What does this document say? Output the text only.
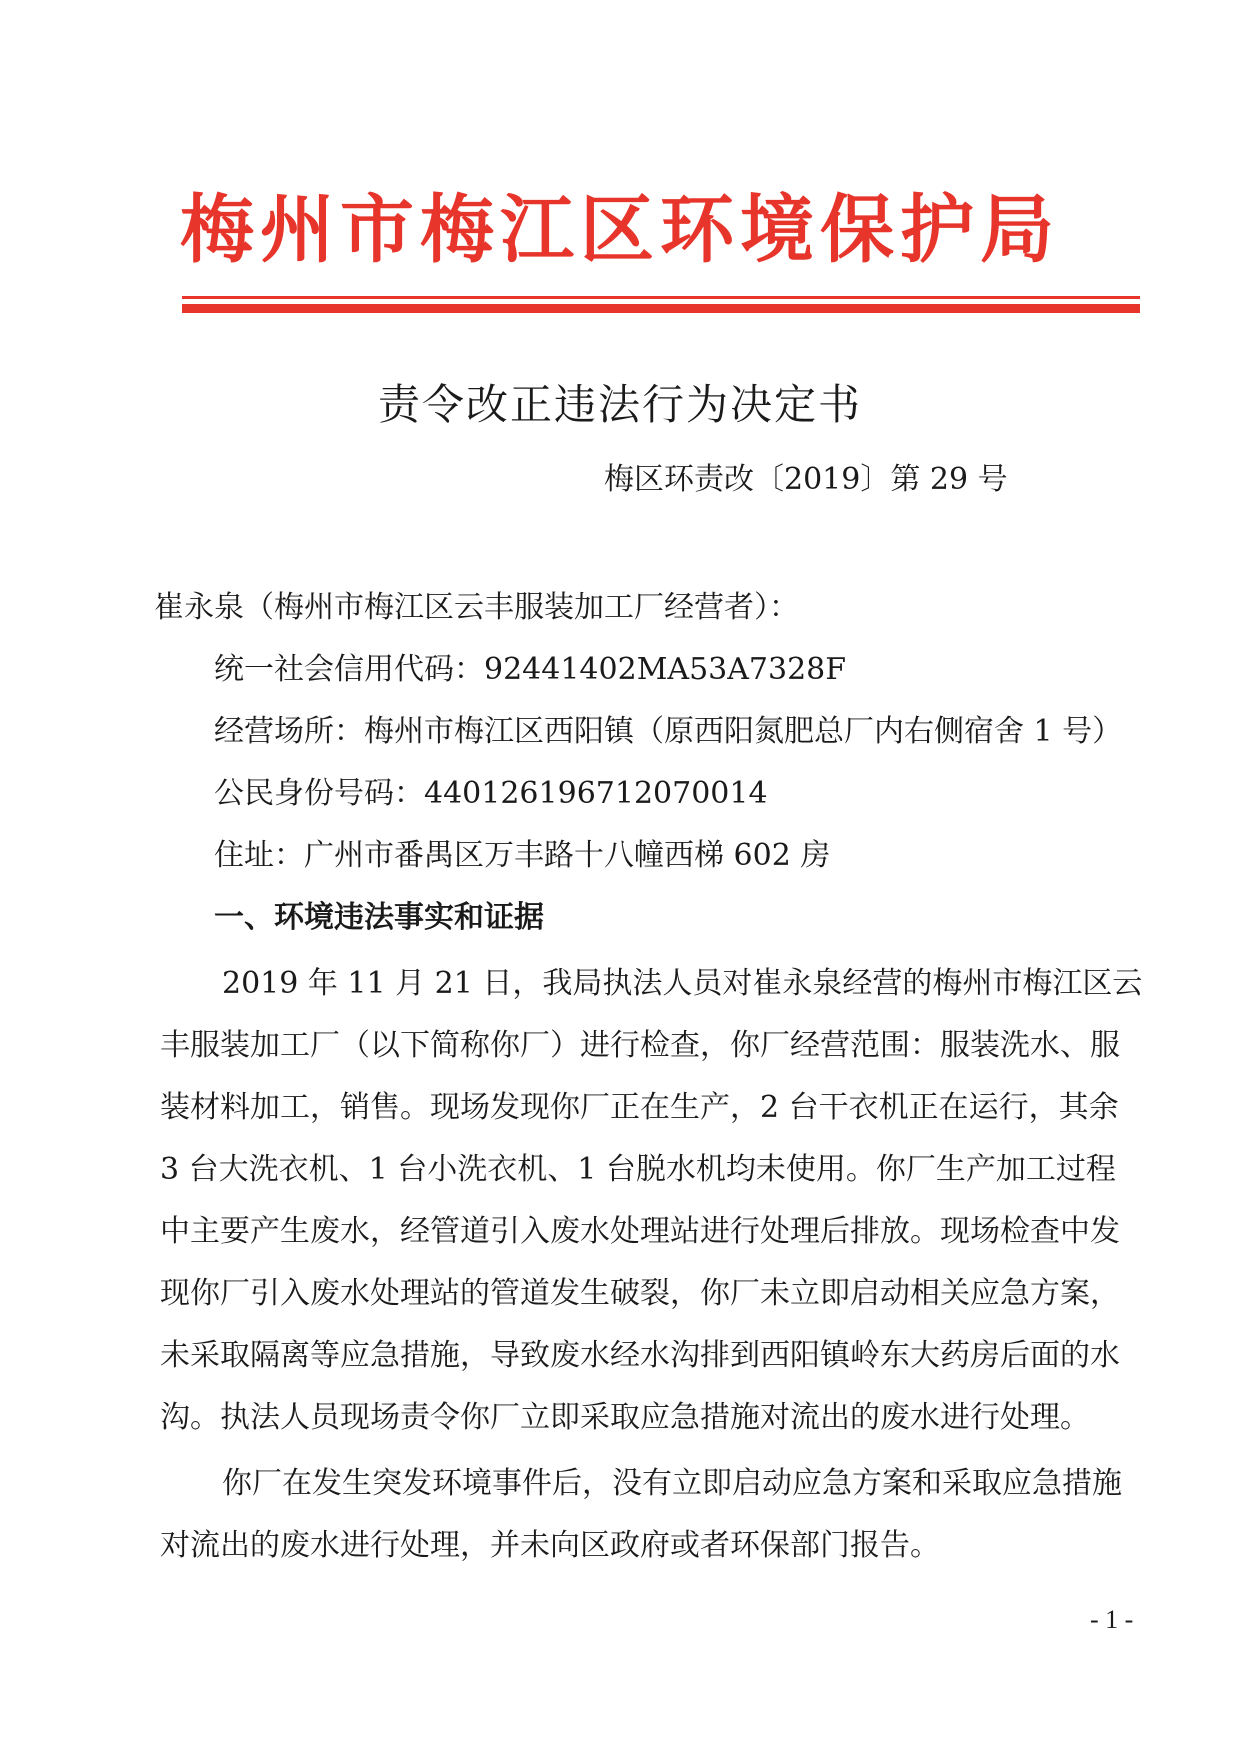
梅州市梅江区环境保护局
责令改正违法行为决定书
梅区环责改〔2019〕第 29 号
崔永泉（梅州市梅江区云丰服装加工厂经营者）：
统一社会信用代码：92441402MA53A7328F
经营场所：梅州市梅江区西阳镇（原西阳氮肥总厂内右侧宿舍 1 号）
公民身份号码：440126196712070014
住址：广州市番禺区万丰路十八幢西梯 602 房
一、环境违法事实和证据
2019 年 11 月 21 日，我局执法人员对崔永泉经营的梅州市梅江区云
丰服装加工厂（以下简称你厂）进行检查，你厂经营范围：服装洗水、服
装材料加工，销售。现场发现你厂正在生产，2 台干衣机正在运行，其余
3 台大洗衣机、1 台小洗衣机、1 台脱水机均未使用。你厂生产加工过程
中主要产生废水，经管道引入废水处理站进行处理后排放。现场检查中发
现你厂引入废水处理站的管道发生破裂，你厂未立即启动相关应急方案，
未采取隔离等应急措施，导致废水经水沟排到西阳镇岭东大药房后面的水
沟。执法人员现场责令你厂立即采取应急措施对流出的废水进行处理。
你厂在发生突发环境事件后，没有立即启动应急方案和采取应急措施
对流出的废水进行处理，并未向区政府或者环保部门报告。
- 1 -
